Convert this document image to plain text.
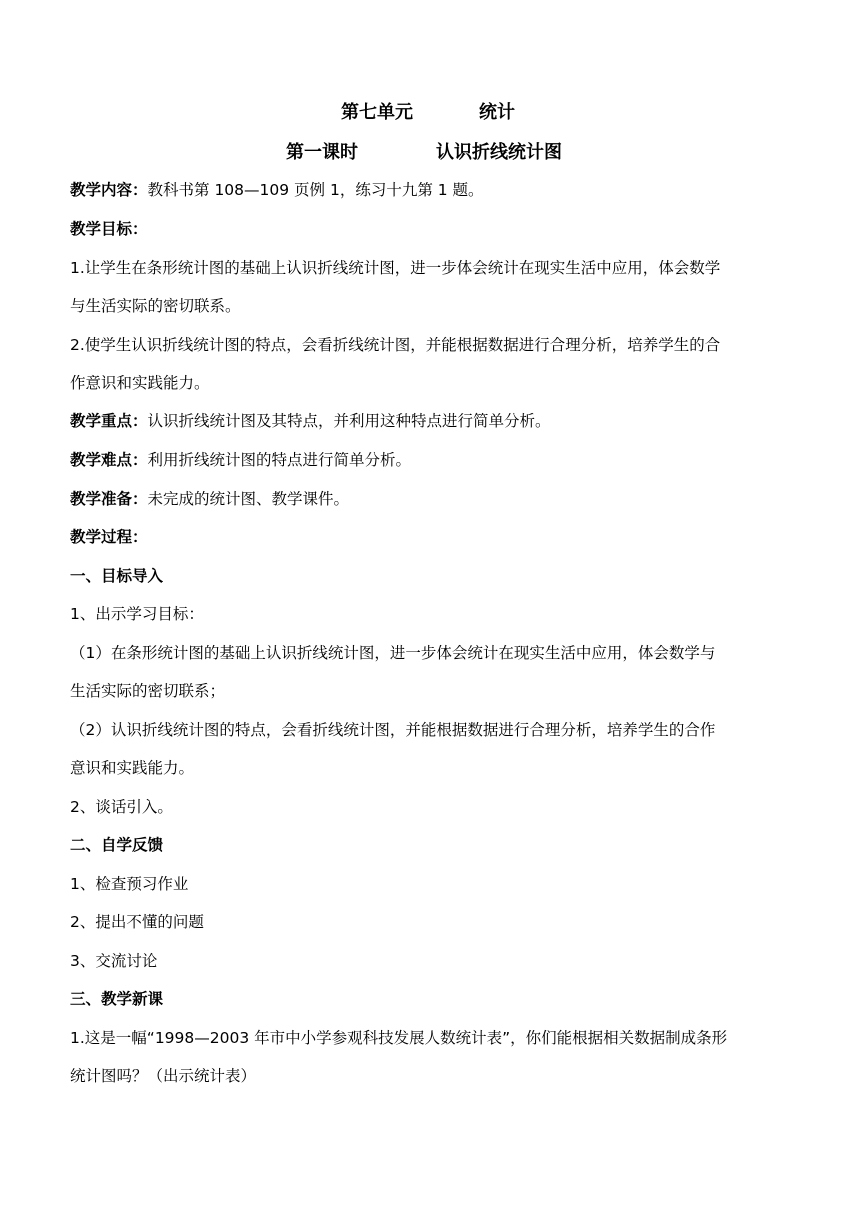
第七单元	统计
第一课时	认识折线统计图
教学内容：教科书第 108—109 页例 1，练习十九第 1 题。
教学目标：
1.让学生在条形统计图的基础上认识折线统计图，进一步体会统计在现实生活中应用，体会数学
与生活实际的密切联系。
2.使学生认识折线统计图的特点，会看折线统计图，并能根据数据进行合理分析，培养学生的合
作意识和实践能力。
教学重点：认识折线统计图及其特点，并利用这种特点进行简单分析。
教学难点：利用折线统计图的特点进行简单分析。
教学准备：未完成的统计图、教学课件。
教学过程：
一、目标导入
1、出示学习目标：
（1）在条形统计图的基础上认识折线统计图，进一步体会统计在现实生活中应用，体会数学与
生活实际的密切联系；
（2）认识折线统计图的特点，会看折线统计图，并能根据数据进行合理分析，培养学生的合作
意识和实践能力。
2、谈话引入。
二、自学反馈
1、检查预习作业
2、提出不懂的问题
3、交流讨论
三、教学新课
1.这是一幅“1998—2003 年市中小学参观科技发展人数统计表”，你们能根据相关数据制成条形
统计图吗？（出示统计表）
